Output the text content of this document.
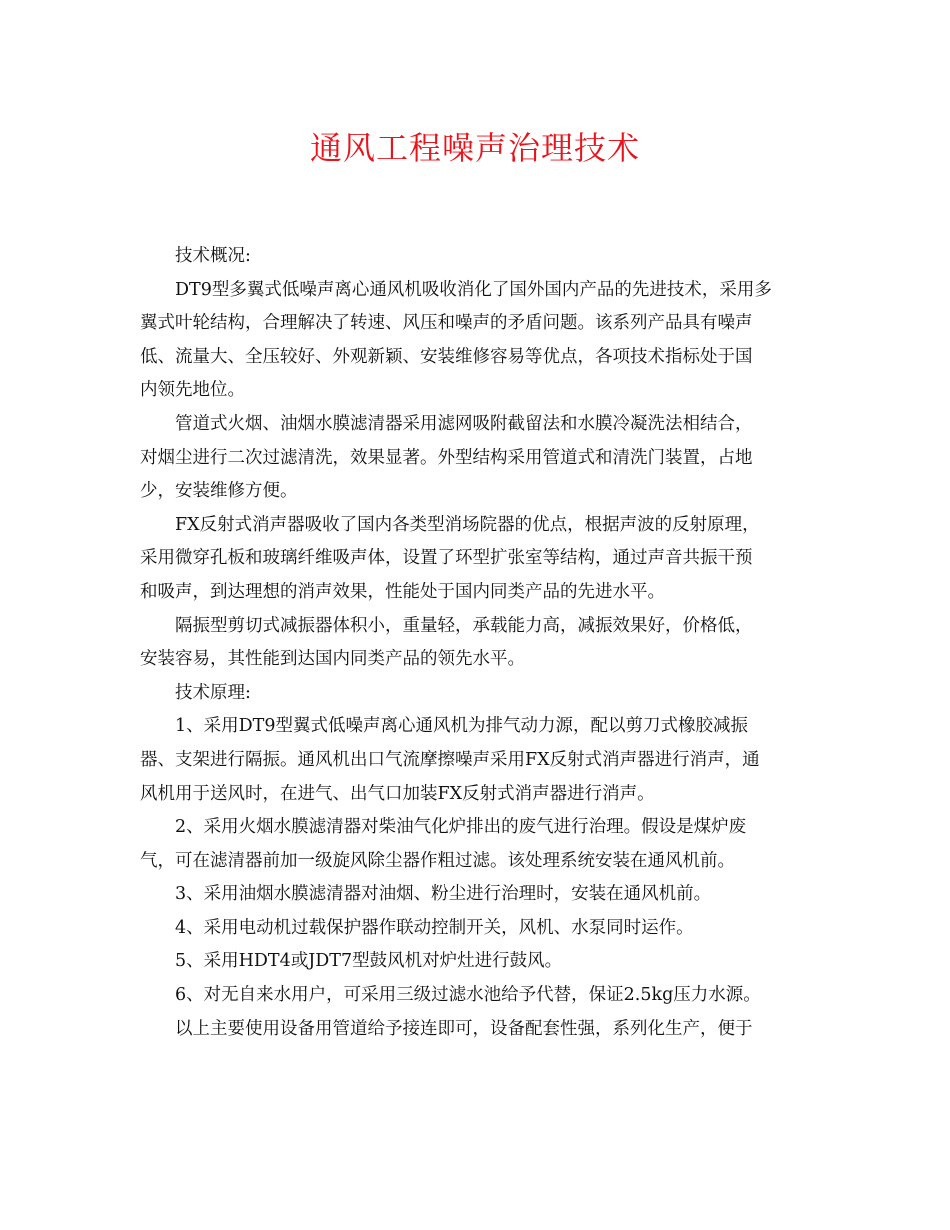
通风工程噪声治理技术

技术概况:

DT9型多翼式低噪声离心通风机吸收消化了国外国内产品的先进技术，采用多
翼式叶轮结构，合理解决了转速、风压和噪声的矛盾问题。该系列产品具有噪声
低、流量大、全压较好、外观新颖、安装维修容易等优点，各项技术指标处于国
内领先地位。

管道式火烟、油烟水膜滤清器采用滤网吸附截留法和水膜冷凝洗法相结合，
对烟尘进行二次过滤清洗，效果显著。外型结构采用管道式和清洗门装置，占地
少，安装维修方便。

FX反射式消声器吸收了国内各类型消场院器的优点，根据声波的反射原理，
采用微穿孔板和玻璃纤维吸声体，设置了环型扩张室等结构，通过声音共振干预
和吸声，到达理想的消声效果，性能处于国内同类产品的先进水平。

隔振型剪切式减振器体积小，重量轻，承载能力高，减振效果好，价格低，
安装容易，其性能到达国内同类产品的领先水平。

技术原理:

1、采用DT9型翼式低噪声离心通风机为排气动力源，配以剪刀式橡胶减振
器、支架进行隔振。通风机出口气流摩擦噪声采用FX反射式消声器进行消声，通
风机用于送风时，在进气、出气口加装FX反射式消声器进行消声。

2、采用火烟水膜滤清器对柴油气化炉排出的废气进行治理。假设是煤炉废
气，可在滤清器前加一级旋风除尘器作粗过滤。该处理系统安装在通风机前。

3、采用油烟水膜滤清器对油烟、粉尘进行治理时，安装在通风机前。

4、采用电动机过载保护器作联动控制开关，风机、水泵同时运作。

5、采用HDT4或JDT7型鼓风机对炉灶进行鼓风。

6、对无自来水用户，可采用三级过滤水池给予代替，保证2.5kg压力水源。

以上主要使用设备用管道给予接连即可，设备配套性强，系列化生产，便于
